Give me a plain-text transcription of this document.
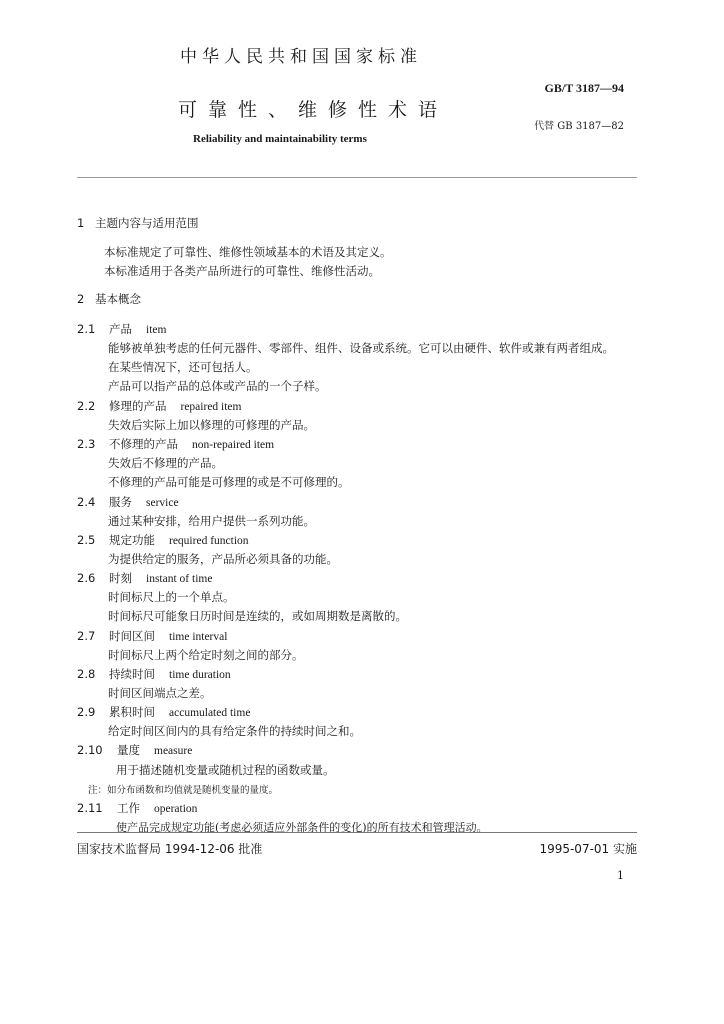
中华人民共和国国家标准
GB/T 3187—94
可靠性、维修性术语
代替 GB 3187—82
Reliability and maintainability terms
1 主题内容与适用范围
本标准规定了可靠性、维修性领域基本的术语及其定义。
本标准适用于各类产品所进行的可靠性、维修性活动。
2 基本概念
2.1 产品 item
能够被单独考虑的任何元器件、零部件、组件、设备或系统。它可以由硬件、软件或兼有两者组成。
在某些情况下，还可包括人。
产品可以指产品的总体或产品的一个子样。
2.2 修理的产品 repaired item
失效后实际上加以修理的可修理的产品。
2.3 不修理的产品 non-repaired item
失效后不修理的产品。
不修理的产品可能是可修理的或是不可修理的。
2.4 服务 service
通过某种安排，给用户提供一系列功能。
2.5 规定功能 required function
为提供给定的服务，产品所必须具备的功能。
2.6 时刻 instant of time
时间标尺上的一个单点。
时间标尺可能象日历时间是连续的，或如周期数是离散的。
2.7 时间区间 time interval
时间标尺上两个给定时刻之间的部分。
2.8 持续时间 time duration
时间区间端点之差。
2.9 累积时间 accumulated time
给定时间区间内的具有给定条件的持续时间之和。
2.10 量度 measure
用于描述随机变量或随机过程的函数或量。
注：如分布函数和均值就是随机变量的量度。
2.11 工作 operation
使产品完成规定功能(考虑必须适应外部条件的变化)的所有技术和管理活动。
国家技术监督局 1994-12-06 批准	1995-07-01 实施
1
